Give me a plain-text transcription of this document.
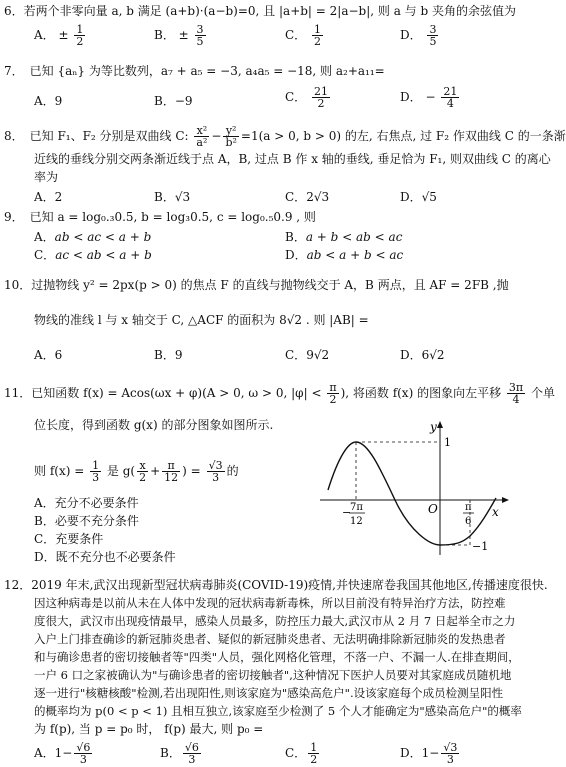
6．若两个非零向量 a, b 满足 (a+b)·(a−b)=0, 且 |a+b| = 2|a−b|, 则 a 与 b 夹角的余弦值为
A． ± $\frac{1}{2}$	B． ± $\frac{3}{5}$	C． $\frac{1}{2}$	D． $\frac{3}{5}$
7．　已知 {aₙ} 为等比数列，a₇ + a₅ = −3, a₄a₅ = −18, 则 a₂+a₁₁=
A．9	B．−9	C． $\frac{21}{2}$	D． − $\frac{21}{4}$
8．　已知 F₁、F₂ 分别是双曲线 C: $\frac{\text{x²}}{\text{a²}} - \frac{\text{y²}}{\text{b²}} =1(a > 0$, b > 0) 的左, 右焦点, 过 F₂ 作双曲线 C 的一条渐
近线的垂线分别交两条渐近线于点 A，B, 过点 B 作 x 轴的垂线, 垂足恰为 F₁, 则双曲线 C 的离心
率为
A．2	B．√3	C．2√3	D．√5
9．　已知 a = log₀.₃0.5, b = log₃0.5, c = log₀.₅0.9 , 则
A．ab < ac < a + b	B．a + b < ab < ac
C．ac < ab < a + b	D．ab < a + b < ac
10．过抛物线 y² = 2px(p > 0) 的焦点 F 的直线与抛物线交于 A，B 两点，且 AF = 2FB ,抛
物线的准线 l 与 x 轴交于 C, △ACF 的面积为 8√2 . 则 |AB| =
A．6	B．9	C．9√2	D．6√2
11．已知函数 f(x) = Acos(ωx + φ)(A > 0, ω > 0, $|\varphi| < \frac{\pi}{2}$ ), 将函数 f(x) 的图象向左平移 $\frac{3\pi}{4}$ 个单
位长度，得到函数 g(x) 的部分图象如图所示.
则 $f(x) = \frac{1}{3}$ 是 $g( \frac{x}{2} + \frac{\pi}{12}$ ) = $\frac{√3}{3}$ 的
A．充分不必要条件
B．必要不充分条件
C．充要条件
D．既不充分也不必要条件
y
x
O
1
−1
−
7π
12
π
6
12．2019 年末,武汉出现新型冠状病毒肺炎(COVID-19)疫情,并快速席卷我国其他地区,传播速度很快.
因这种病毒是以前从未在人体中发现的冠状病毒新毒株，所以目前没有特异治疗方法，防控难
度很大，武汉市出现疫情最早，感染人员最多，防控压力最大,武汉市从 2 月 7 日起举全市之力
入户上门排查确诊的新冠肺炎患者、疑似的新冠肺炎患者、无法明确排除新冠肺炎的发热患者
和与确诊患者的密切接触者等"四类"人员，强化网格化管理，不落一户、不漏一人.在排查期间，
一户 6 口之家被确认为"与确诊患者的密切接触者",这种情况下医护人员要对其家庭成员随机地
逐一进行"核糖核酸"检测,若出现阳性,则该家庭为"感染高危户".设该家庭每个成员检测呈阳性
的概率均为 p(0 < p < 1) 且相互独立,该家庭至少检测了 5 个人才能确定为"感染高危户"的概率
为 f(p), 当 p = p₀ 时， f(p) 最大, 则 p₀ =
A．$1- \frac{√6}{3}$	B． $\frac{√6}{3}$	C． $\frac{1}{2}$	D．$1- \frac{√3}{3}$
